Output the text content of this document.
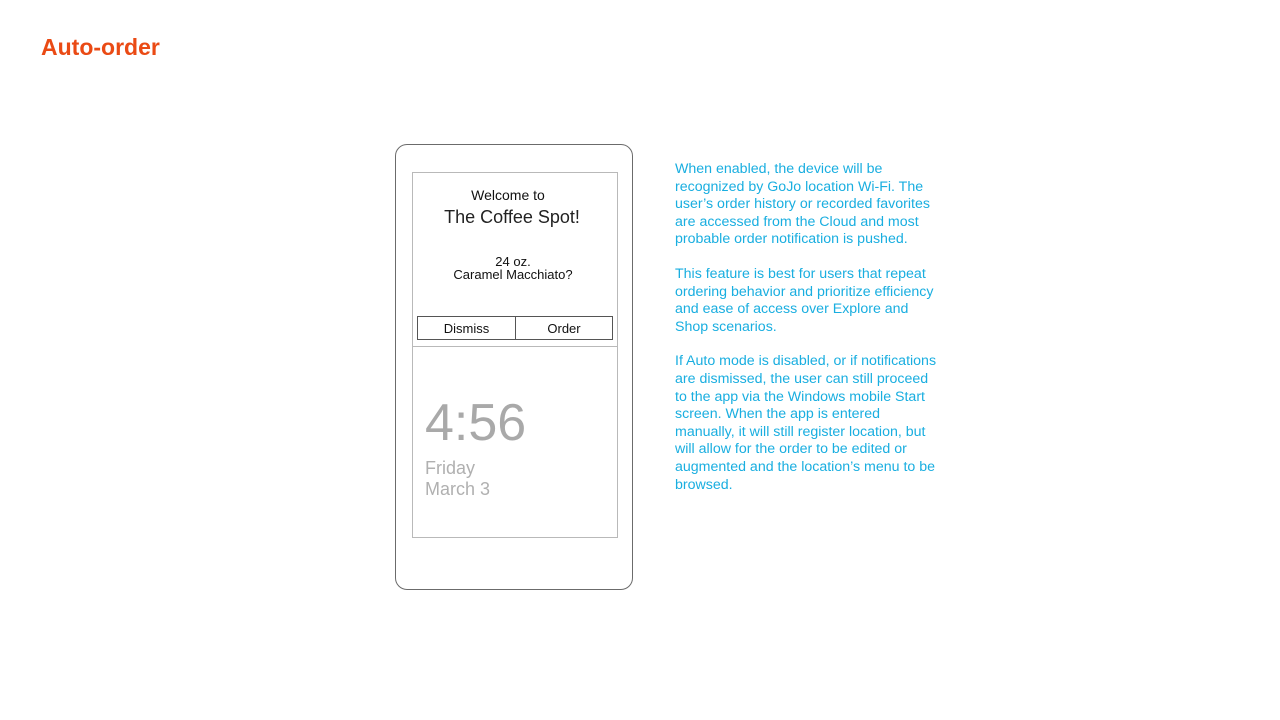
Auto-order
Welcome to
The Coffee Spot!
24 oz.
Caramel Macchiato?
Dismiss	Order
4:56
Friday
March 3

When enabled, the device will be recognized by GoJo location Wi-Fi. The user’s order history or recorded favorites are accessed from the Cloud and most probable order notification is pushed.

This feature is best for users that repeat ordering behavior and prioritize efficiency and ease of access over Explore and Shop scenarios.

If Auto mode is disabled, or if notifications are dismissed, the user can still proceed to the app via the Windows mobile Start screen. When the app is entered manually, it will still register location, but will allow for the order to be edited or augmented and the location’s menu to be browsed.
